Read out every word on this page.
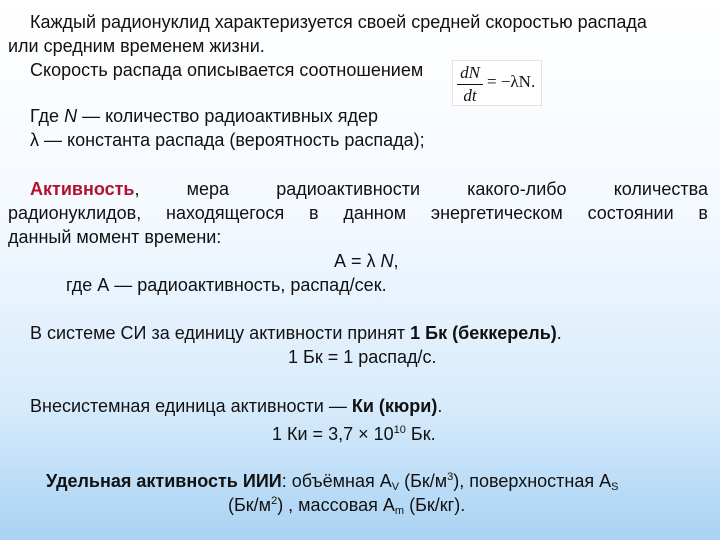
Каждый радионуклид характеризуется своей средней скоростью распада
или средним временем жизни.
Скорость распада описывается соотношением dN
dt
= −λN.
Где N — количество радиоактивных ядер
λ — константа распада (вероятность распада);
Активность,	мера	радиоактивности	какого-либо	количества
радионуклидов, находящегося в данном энергетическом состоянии в
данный момент времени:
А = λ N,
где А — радиоактивность, распад/сек.
В системе СИ за единицу активности принят 1 Бк (беккерель).
1 Бк = 1 распад/с.
Внесистемная единица активности — Ки (кюри).
1 Ки = $3,7 \times 10^{10}$ Бк.
Удельная активность ИИИ: объёмная $А_V$ $(Бк/м^3)$, поверхностная $А_S$
$(Бк/м^2)$ , массовая $А_m$ (Бк/кг).
